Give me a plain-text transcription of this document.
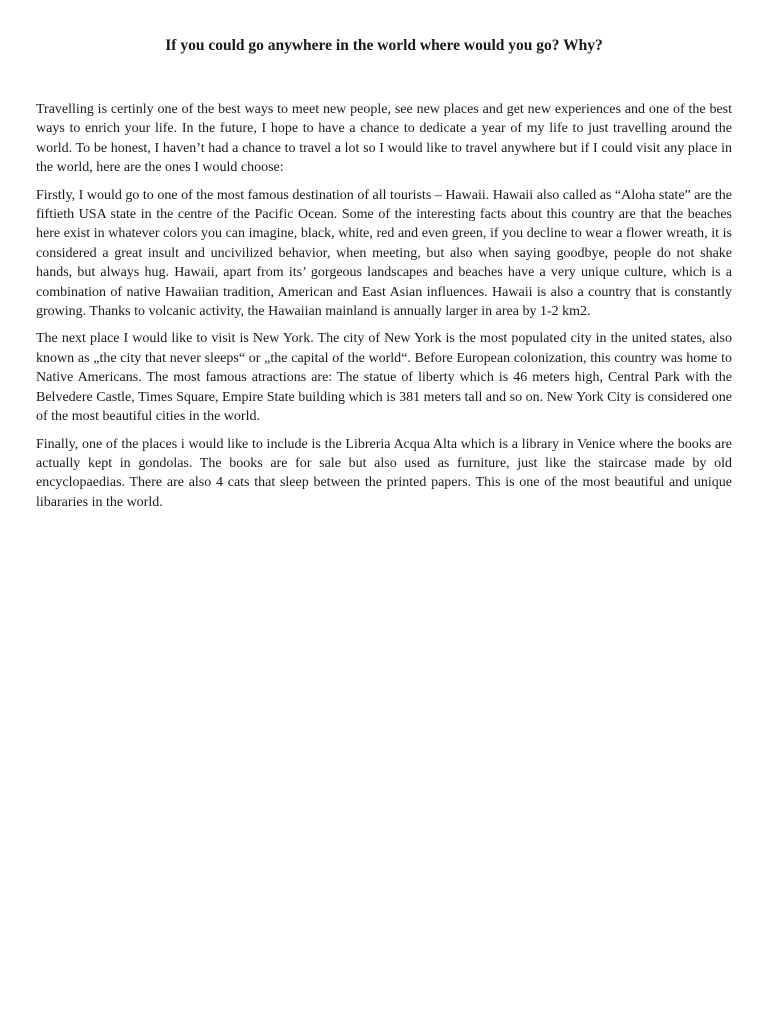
If you could go anywhere in the world where would you go? Why?

Travelling is certinly one of the best ways to meet new people, see new places and get new experiences and one of the best ways to enrich your life. In the future, I hope to have a chance to dedicate a year of my life to just travelling around the world. To be honest, I haven’t had a chance to travel a lot so I would like to travel anywhere but if I could visit any place in the world, here are the ones I would choose:

Firstly, I would go to one of the most famous destination of all tourists – Hawaii. Hawaii also called as “Aloha state” are the fiftieth USA state in the centre of the Pacific Ocean. Some of the interesting facts about this country are that the beaches here exist in whatever colors you can imagine, black, white, red and even green, if you decline to wear a flower wreath, it is considered a great insult and uncivilized behavior, when meeting, but also when saying goodbye, people do not shake hands, but always hug. Hawaii, apart from its’ gorgeous landscapes and beaches have a very unique culture, which is a combination of native Hawaiian tradition, American and East Asian influences. Hawaii is also a country that is constantly growing. Thanks to volcanic activity, the Hawaiian mainland is annually larger in area by 1-2 km2.

The next place I would like to visit is New York. The city of New York is the most populated city in the united states, also known as „the city that never sleeps“ or „the capital of the world“. Before European colonization, this country was home to Native Americans. The most famous atractions are: The statue of liberty which is 46 meters high, Central Park with the Belvedere Castle, Times Square, Empire State building which is 381 meters tall and so on. New York City is considered one of the most beautiful cities in the world.

Finally, one of the places i would like to include is the Libreria Acqua Alta which is a library in Venice where the books are actually kept in gondolas. The books are for sale but also used as furniture, just like the staircase made by old encyclopaedias. There are also 4 cats that sleep between the printed papers. This is one of the most beautiful and unique libararies in the world.
